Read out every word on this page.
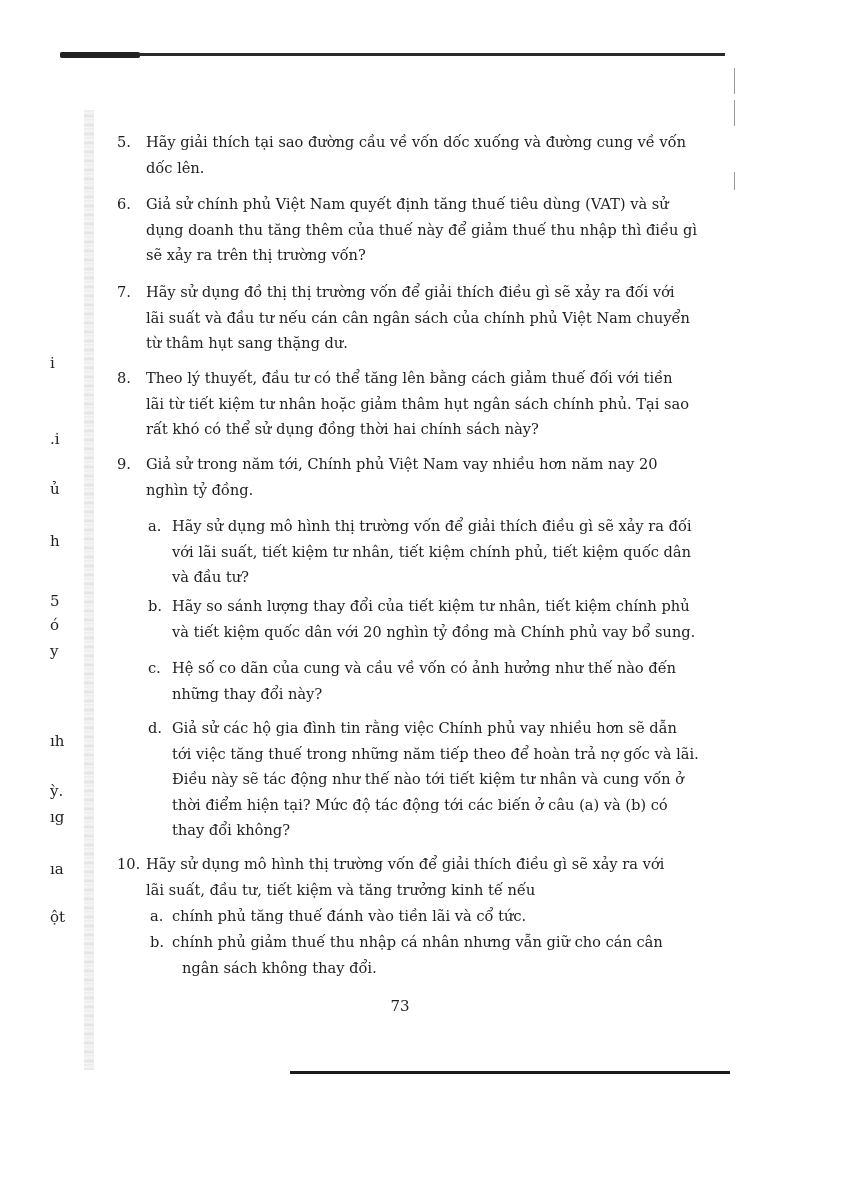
i
.i
ủ
h
5
ó
y
ıh
ỳ.
ıg
ıa
ột
5. Hãy giải thích tại sao đường cầu về vốn dốc xuống và đường cung về vốn
dốc lên.
6. Giả sử chính phủ Việt Nam quyết định tăng thuế tiêu dùng (VAT) và sử
dụng doanh thu tăng thêm của thuế này để giảm thuế thu nhập thì điều gì
sẽ xảy ra trên thị trường vốn?
7. Hãy sử dụng đồ thị thị trường vốn để giải thích điều gì sẽ xảy ra đối với
lãi suất và đầu tư nếu cán cân ngân sách của chính phủ Việt Nam chuyển
từ thâm hụt sang thặng dư.
8. Theo lý thuyết, đầu tư có thể tăng lên bằng cách giảm thuế đối với tiền
lãi từ tiết kiệm tư nhân hoặc giảm thâm hụt ngân sách chính phủ. Tại sao
rất khó có thể sử dụng đồng thời hai chính sách này?
9. Giả sử trong năm tới, Chính phủ Việt Nam vay nhiều hơn năm nay 20
nghìn tỷ đồng.
a. Hãy sử dụng mô hình thị trường vốn để giải thích điều gì sẽ xảy ra đối
với lãi suất, tiết kiệm tư nhân, tiết kiệm chính phủ, tiết kiệm quốc dân
và đầu tư?
b. Hãy so sánh lượng thay đổi của tiết kiệm tư nhân, tiết kiệm chính phủ
và tiết kiệm quốc dân với 20 nghìn tỷ đồng mà Chính phủ vay bổ sung.
c. Hệ số co dãn của cung và cầu về vốn có ảnh hưởng như thế nào đến
những thay đổi này?
d. Giả sử các hộ gia đình tin rằng việc Chính phủ vay nhiều hơn sẽ dẫn
tới việc tăng thuế trong những năm tiếp theo để hoàn trả nợ gốc và lãi.
Điều này sẽ tác động như thế nào tới tiết kiệm tư nhân và cung vốn ở
thời điểm hiện tại? Mức độ tác động tới các biến ở câu (a) và (b) có
thay đổi không?
10. Hãy sử dụng mô hình thị trường vốn để giải thích điều gì sẽ xảy ra với
lãi suất, đầu tư, tiết kiệm và tăng trưởng kinh tế nếu
a. chính phủ tăng thuế đánh vào tiền lãi và cổ tức.
b. chính phủ giảm thuế thu nhập cá nhân nhưng vẫn giữ cho cán cân
ngân sách không thay đổi.
73
